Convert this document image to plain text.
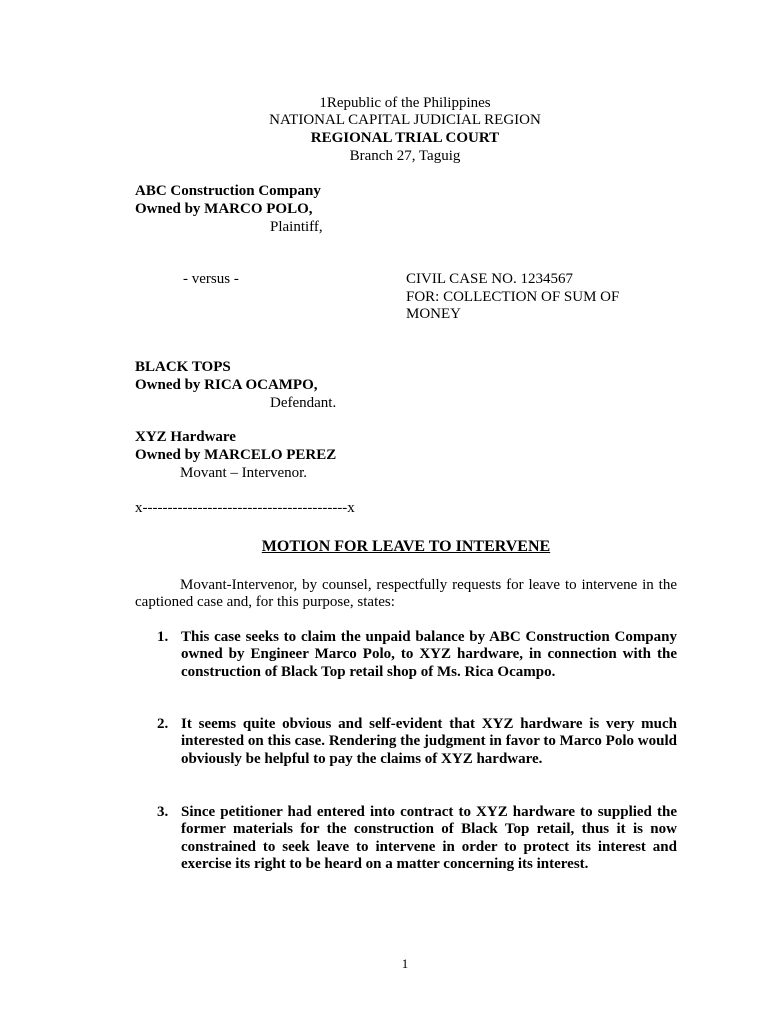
1Republic of the Philippines
NATIONAL CAPITAL JUDICIAL REGION
REGIONAL TRIAL COURT
Branch 27, Taguig
ABC Construction Company
Owned by MARCO POLO,
Plaintiff,
- versus -	CIVIL CASE NO. 1234567
FOR: COLLECTION OF SUM OF
MONEY
BLACK TOPS
Owned by RICA OCAMPO,
Defendant.
XYZ Hardware
Owned by MARCELO PEREZ
Movant – Intervenor.
x-----------------------------------------x
MOTION FOR LEAVE TO INTERVENE
Movant-Intervenor, by counsel, respectfully requests for leave to intervene in the captioned case and, for this purpose, states:
1. This case seeks to claim the unpaid balance by ABC Construction Company owned by Engineer Marco Polo, to XYZ hardware, in connection with the construction of Black Top retail shop of Ms. Rica Ocampo.
2. It seems quite obvious and self-evident that XYZ hardware is very much interested on this case. Rendering the judgment in favor to Marco Polo would obviously be helpful to pay the claims of XYZ hardware.
3. Since petitioner had entered into contract to XYZ hardware to supplied the former materials for the construction of Black Top retail, thus it is now constrained to seek leave to intervene in order to protect its interest and exercise its right to be heard on a matter concerning its interest.
1
